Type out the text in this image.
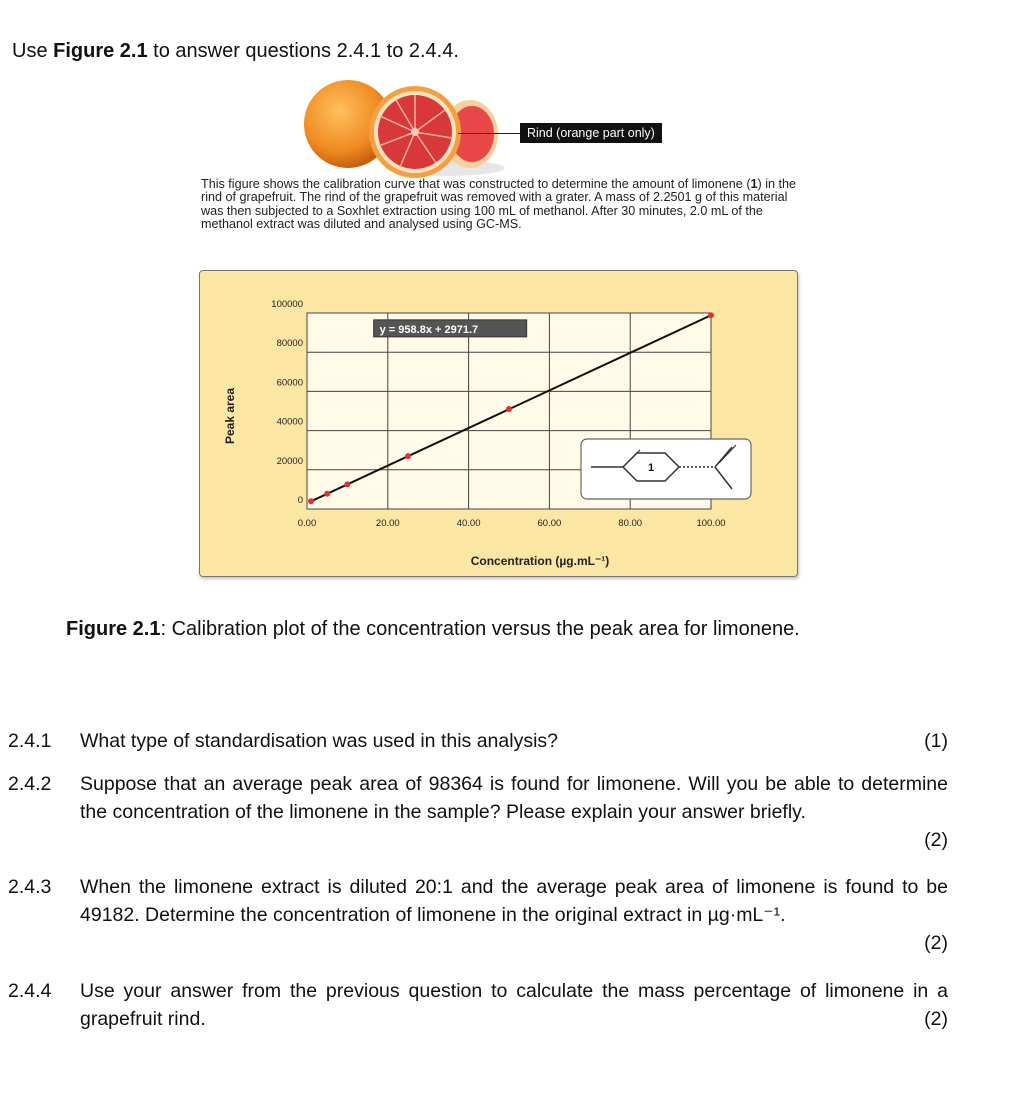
Use Figure 2.1 to answer questions 2.4.1 to 2.4.4.
Rind (orange part only)
This figure shows the calibration curve that was constructed to determine the amount of limonene (1) in the rind of grapefruit. The rind of the grapefruit was removed with a grater. A mass of 2.2501 g of this material was then subjected to a Soxhlet extraction using 100 mL of methanol. After 30 minutes, 2.0 mL of the methanol extract was diluted and analysed using GC-MS.
0
20000
40000
60000
80000
100000
0.00	20.00	40.00	60.00	80.00	100.00
y = 958.8x + 2971.7
Peak area
Concentration (µg.mL⁻¹)
1
Figure 2.1: Calibration plot of the concentration versus the peak area for limonene.
2.4.1 What type of standardisation was used in this analysis?	(1)
2.4.2 Suppose that an average peak area of 98364 is found for limonene. Will you be able to determine the concentration of the limonene in the sample? Please explain your answer briefly.
(2)
2.4.3 When the limonene extract is diluted 20:1 and the average peak area of limonene is found to be 49182. Determine the concentration of limonene in the original extract in µg·mL⁻¹.
(2)
2.4.4 Use your answer from the previous question to calculate the mass percentage of limonene in a grapefruit rind.	(2)
